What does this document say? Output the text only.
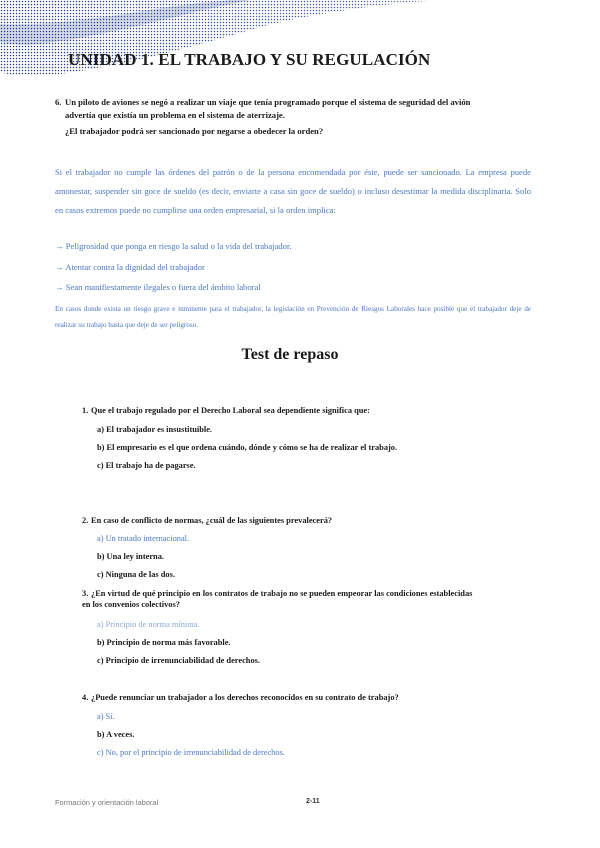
UNIDAD 1. EL TRABAJO Y SU REGULACIÓN
6. Un piloto de aviones se negó a realizar un viaje que tenía programado porque el sistema de seguridad del avión
advertía que existía un problema en el sistema de aterrizaje.
¿El trabajador podrá ser sancionado por negarse a obedecer la orden?
Si el trabajador no cumple las órdenes del patrón o de la persona encomendada por éste, puede ser sancionado. La empresa puede amonestar, suspender sin goce de sueldo (es decir, enviarte a casa sin goce de sueldo) o incluso desestimar la medida disciplinaria. Solo en casos extremos puede no cumplirse una orden empresarial, si la orden implica:
→ Peligrosidad que ponga en riesgo la salud o la vida del trabajador.
→ Atentar contra la dignidad del trabajador
→ Sean manifiestamente ilegales o fuera del ámbito laboral
En casos donde exista un riesgo grave e inminente para el trabajador, la legislación en Prevención de Riesgos Laborales hace posible que el trabajador deje de realizar su trabajo hasta que deje de ser peligroso.
Test de repaso
1. Que el trabajo regulado por el Derecho Laboral sea dependiente significa que:
a) El trabajador es insustituible.
b) El empresario es el que ordena cuándo, dónde y cómo se ha de realizar el trabajo.
c) El trabajo ha de pagarse.
2. En caso de conflicto de normas, ¿cuál de las siguientes prevalecerá?
a) Un tratado internacional.
b) Una ley interna.
c) Ninguna de las dos.
3. ¿En virtud de qué principio en los contratos de trabajo no se pueden empeorar las condiciones establecidas
en los convenios colectivos?
a) Principio de norma mínima.
b) Principio de norma más favorable.
c) Principio de irrenunciabilidad de derechos.
4. ¿Puede renunciar un trabajador a los derechos reconocidos en su contrato de trabajo?
a) Sí.
b) A veces.
c) No, por el principio de irrenunciabilidad de derechos.
Formación y orientación laboral	2-11
